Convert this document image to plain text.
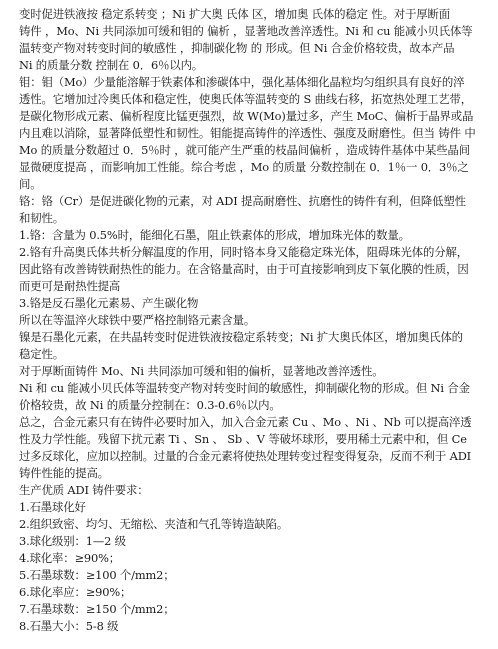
变时促进铁液按 稳定系转变 ；Ni 扩大奥 氏体 区，增加奥 氏体的稳定 性。对于厚断面
铸件 ，Mo、Ni 共同添加可缓和钼的 偏析 ，显著地改善淬透性。Ni 和 cu 能减小贝氏体等
温转变产物对转变时间的敏感性 ，抑制碳化物 的 形成。但 Ni 合金价格较贵，故本产品
Ni 的质量分数 控制在 0．6％以内。
钼：钼（Mo）少量能溶解于铁素体和渗碳体中，强化基体细化晶粒均匀组织具有良好的淬
透性。它增加过冷奥氏体和稳定性，使奥氏体等温转变的 S 曲线右移，拓宽热处理工艺带，
是碳化物形成元素、偏析程度比锰更强烈，故 W(Mo)量过多，产生 MoC、偏析于晶界或晶
内且难以消除，显著降低塑性和韧性。钼能提高铸件的淬透性、强度及耐磨性。但当 铸件 中
Mo 的质量分数超过 0．5％时 ，就可能产生严重的枝晶间偏析 ，造成铸件基体中某些晶间
显微硬度提高 ，而影响加工性能。综合考虑 ，Mo 的质量 分数控制在 0．1％一 0．3％之
间。
铬：铬（Cr）是促进碳化物的元素，对 ADI 提高耐磨性、抗磨性的铸件有利，但降低塑性
和韧性。
1.铬：含量为 0.5%时，能细化石墨，阻止铁素体的形成，增加珠光体的数量。
2.铬有升高奥氏体共析分解温度的作用，同时铬本身又能稳定珠光体，阻碍珠光体的分解，
因此铬有改善铸铁耐热性的能力。在含铬量高时，由于可直接影响到皮下氧化膜的性质，因
而更可是耐热性提高
3.铬是反石墨化元素易、产生碳化物
所以在等温淬火球铁中要严格控制铬元素含量。
镍是石墨化元素，在共晶转变时促进铁液按稳定系转变；Ni 扩大奥氏体区，增加奥氏体的
稳定性。
对于厚断面铸件 Mo、Ni 共同添加可缓和钼的偏析，显著地改善淬透性。
Ni 和 cu 能减小贝氏体等温转变产物对转变时间的敏感性，抑制碳化物的形成。但 Ni 合金
价格较贵，故 Ni 的质量分控制在：0.3-0.6％以内。
总之，合金元素只有在铸件必要时加入，加入合金元素 Cu 、Mo 、Ni 、Nb 可以提高淬透
性及力学性能。残留下扰元素 Ti 、Sn 、 Sb 、V 等破坏球形，要用稀土元素中和，但 Ce
过多反球化，应加以控制。过量的合金元素将使热处理转变过程变得复杂，反而不利于 ADI
铸件性能的提高。
生产优质 ADI 铸件要求：
1.石墨球化好
2.组织致密、均匀、无缩松、夹渣和气孔等铸造缺陷。
3.球化级别：1—2 级
4.球化率：≥90%；
5.石墨球数：≥100 个/mm2；
6.球化率应：≥90%；
7.石墨球数：≥150 个/mm2；
8.石墨大小：5-8 级
